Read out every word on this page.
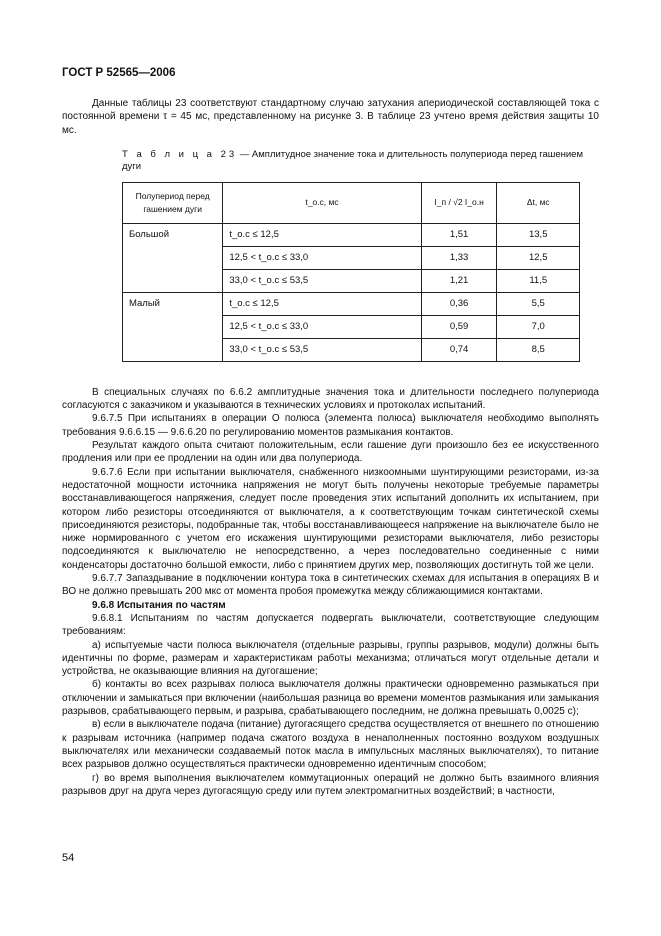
ГОСТ Р 52565—2006

Данные таблицы 23 соответствуют стандартному случаю затухания апериодической составляющей тока с постоянной времени τ = 45 мс, представленному на рисунке 3. В таблице 23 учтено время действия защиты 10 мс.

Т а б л и ц а 23 — Амплитудное значение тока и длительность полупериода перед гашением дуги
Полупериод перед гашением дуги	t_о.с, мс	I_п / √2 I_о.н	Δt, мс
Большой	t_о.с ≤ 12,5	1,51	13,5
	12,5 < t_о.с ≤ 33,0	1,33	12,5
	33,0 < t_о.с ≤ 53,5	1,21	11,5
Малый	t_о.с ≤ 12,5	0,36	5,5
	12,5 < t_о.с ≤ 33,0	0,59	7,0
	33,0 < t_о.с ≤ 53,5	0,74	8,5

В специальных случаях по 6.6.2 амплитудные значения тока и длительности последнего полупериода согласуются с заказчиком и указываются в технических условиях и протоколах испытаний.

9.6.7.5 При испытаниях в операции О полюса (элемента полюса) выключателя необходимо выполнять требования 9.6.6.15 — 9.6.6.20 по регулированию моментов размыкания контактов.

Результат каждого опыта считают положительным, если гашение дуги произошло без ее искусственного продления или при ее продлении на один или два полупериода.

9.6.7.6 Если при испытании выключателя, снабженного низкоомными шунтирующими резисторами, из-за недостаточной мощности источника напряжения не могут быть получены некоторые требуемые параметры восстанавливающегося напряжения, следует после проведения этих испытаний дополнить их испытанием, при котором либо резисторы отсоединяются от выключателя, а к соответствующим точкам синтетической схемы присоединяются резисторы, подобранные так, чтобы восстанавливающееся напряжение на выключателе было не ниже нормированного с учетом его искажения шунтирующими резисторами выключателя, либо резисторы подсоединяются к выключателю не непосредственно, а через последовательно соединенные с ними конденсаторы достаточно большой емкости, либо с принятием других мер, позволяющих достигнуть той же цели.

9.6.7.7 Запаздывание в подключении контура тока в синтетических схемах для испытания в операциях В и ВО не должно превышать 200 мкс от момента пробоя промежутка между сближающимися контактами.

9.6.8 Испытания по частям

9.6.8.1 Испытаниям по частям допускается подвергать выключатели, соответствующие следующим требованиям:

а) испытуемые части полюса выключателя (отдельные разрывы, группы разрывов, модули) должны быть идентичны по форме, размерам и характеристикам работы механизма; отличаться могут отдельные детали и устройства, не оказывающие влияния на дугогашение;

б) контакты во всех разрывах полюса выключателя должны практически одновременно размыкаться при отключении и замыкаться при включении (наибольшая разница во времени моментов размыкания или замыкания разрывов, срабатывающего первым, и разрыва, срабатывающего последним, не должна превышать 0,0025 с);

в) если в выключателе подача (питание) дугогасящего средства осуществляется от внешнего по отношению к разрывам источника (например подача сжатого воздуха в ненаполненных постоянно воздухом воздушных выключателях или механически создаваемый поток масла в импульсных масляных выключателях), то питание всех разрывов должно осуществляться практически одновременно идентичным способом;

г) во время выполнения выключателем коммутационных операций не должно быть взаимного влияния разрывов друг на друга через дугогасящую среду или путем электромагнитных воздействий; в частности,

54
